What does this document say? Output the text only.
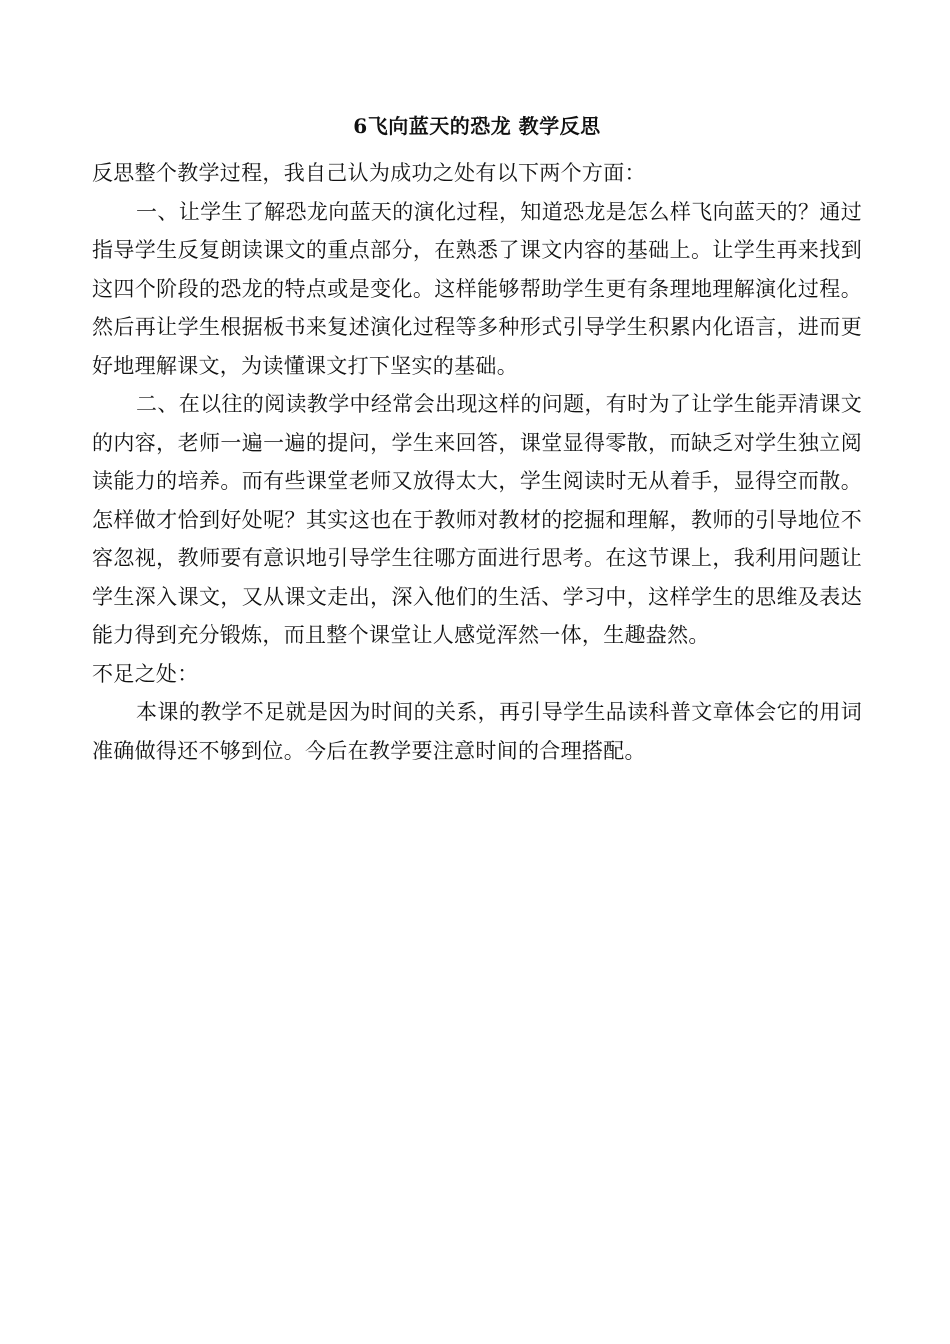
6飞向蓝天的恐龙 教学反思

反思整个教学过程，我自己认为成功之处有以下两个方面：

一、让学生了解恐龙向蓝天的演化过程，知道恐龙是怎么样飞向蓝天的？通过指导学生反复朗读课文的重点部分，在熟悉了课文内容的基础上。让学生再来找到这四个阶段的恐龙的特点或是变化。这样能够帮助学生更有条理地理解演化过程。然后再让学生根据板书来复述演化过程等多种形式引导学生积累内化语言，进而更好地理解课文，为读懂课文打下坚实的基础。

二、在以往的阅读教学中经常会出现这样的问题，有时为了让学生能弄清课文的内容，老师一遍一遍的提问，学生来回答，课堂显得零散，而缺乏对学生独立阅读能力的培养。而有些课堂老师又放得太大，学生阅读时无从着手，显得空而散。怎样做才恰到好处呢？其实这也在于教师对教材的挖掘和理解，教师的引导地位不容忽视，教师要有意识地引导学生往哪方面进行思考。在这节课上，我利用问题让学生深入课文，又从课文走出，深入他们的生活、学习中，这样学生的思维及表达能力得到充分锻炼，而且整个课堂让人感觉浑然一体，生趣盎然。

不足之处：

本课的教学不足就是因为时间的关系，再引导学生品读科普文章体会它的用词准确做得还不够到位。今后在教学要注意时间的合理搭配。
